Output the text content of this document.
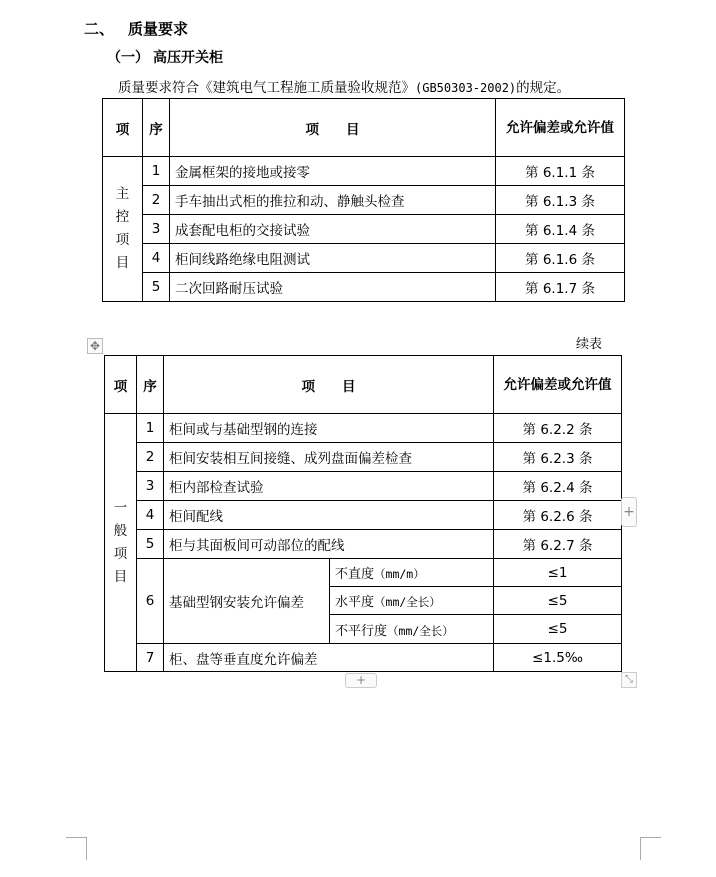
二、 质量要求
（一） 高压开关柜
质量要求符合《建筑电气工程施工质量验收规范》(GB50303-2002)的规定。
项	序	项　　目	允许偏差或允许值

主
控
项
目	1	金属框架的接地或接零	第 6.1.1 条
	2	手车抽出式柜的推拉和动、静触头检查	第 6.1.3 条
	3	成套配电柜的交接试验	第 6.1.4 条
	4	柜间线路绝缘电阻测试	第 6.1.6 条
	5	二次回路耐压试验	第 6.1.7 条
续表
✥
项	序	项　　目		允许偏差或允许值

一
般
项
目	1	柜间或与基础型钢的连接		第 6.2.2 条
	2	柜间安装相互间接缝、成列盘面偏差检查		第 6.2.3 条
	3	柜内部检查试验		第 6.2.4 条
	4	柜间配线		第 6.2.6 条
	5	柜与其面板间可动部位的配线		第 6.2.7 条
	6	基础型钢安装允许偏差	不直度（mm/m）	≤1
			水平度（mm/全长）	≤5
			不平行度（mm/全长）	≤5
	7	柜、盘等垂直度允许偏差		≤1.5‰
+
+	⤡
